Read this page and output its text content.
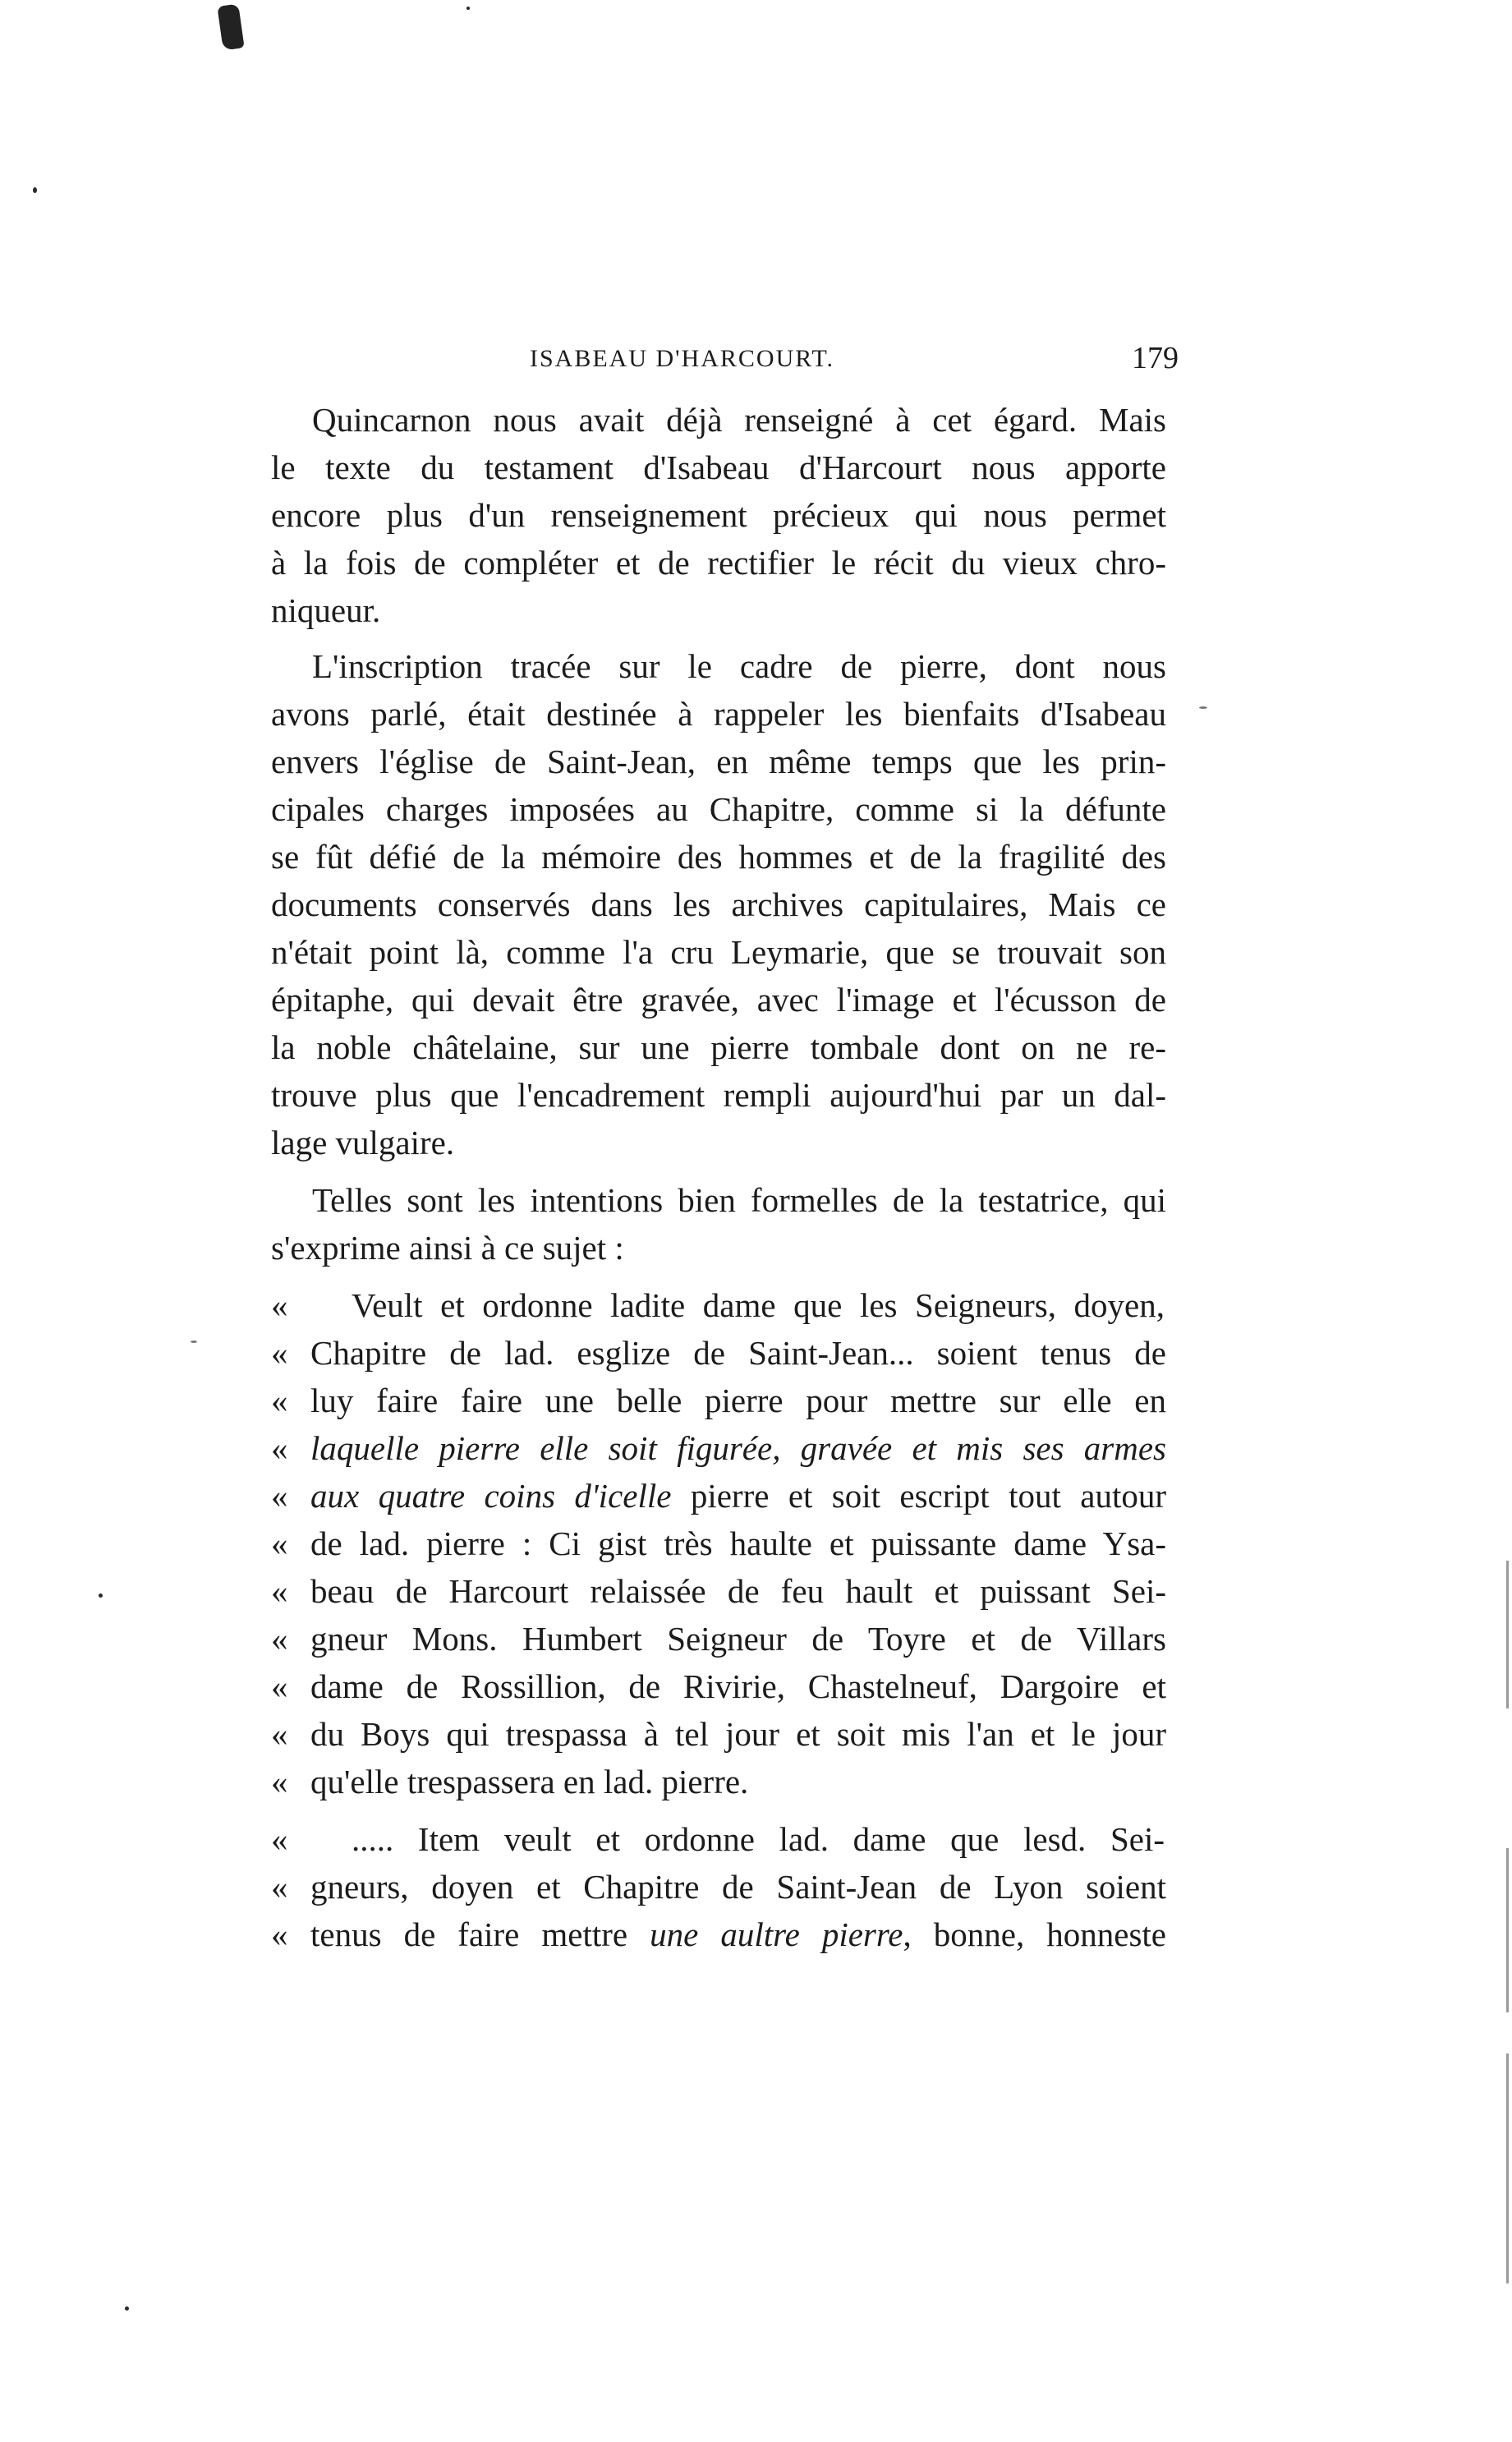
ISABEAU D'HARCOURT.	179
Quincarnon nous avait déjà renseigné à cet égard. Mais
le texte du testament d'Isabeau d'Harcourt nous apporte
encore plus d'un renseignement précieux qui nous permet
à la fois de compléter et de rectifier le récit du vieux chro-
niqueur.
L'inscription tracée sur le cadre de pierre, dont nous
avons parlé, était destinée à rappeler les bienfaits d'Isabeau
envers l'église de Saint-Jean, en même temps que les prin-
cipales charges imposées au Chapitre, comme si la défunte
se fût défié de la mémoire des hommes et de la fragilité des
documents conservés dans les archives capitulaires, Mais ce
n'était point là, comme l'a cru Leymarie, que se trouvait son
épitaphe, qui devait être gravée, avec l'image et l'écusson de
la noble châtelaine, sur une pierre tombale dont on ne re-
trouve plus que l'encadrement rempli aujourd'hui par un dal-
lage vulgaire.
Telles sont les intentions bien formelles de la testatrice, qui
s'exprime ainsi à ce sujet :
« Veult et ordonne ladite dame que les Seigneurs, doyen,
« Chapitre de lad. esglize de Saint-Jean... soient tenus de
« luy faire faire une belle pierre pour mettre sur elle en
« laquelle pierre elle soit figurée, gravée et mis ses armes
« aux quatre coins d'icelle pierre et soit escript tout autour
« de lad. pierre : Ci gist très haulte et puissante dame Ysa-
« beau de Harcourt relaissée de feu hault et puissant Sei-
« gneur Mons. Humbert Seigneur de Toyre et de Villars
« dame de Rossillion, de Rivirie, Chastelneuf, Dargoire et
« du Boys qui trespassa à tel jour et soit mis l'an et le jour
« qu'elle trespassera en lad. pierre.
« ..... Item veult et ordonne lad. dame que lesd. Sei-
« gneurs, doyen et Chapitre de Saint-Jean de Lyon soient
« tenus de faire mettre une aultre pierre, bonne, honneste
